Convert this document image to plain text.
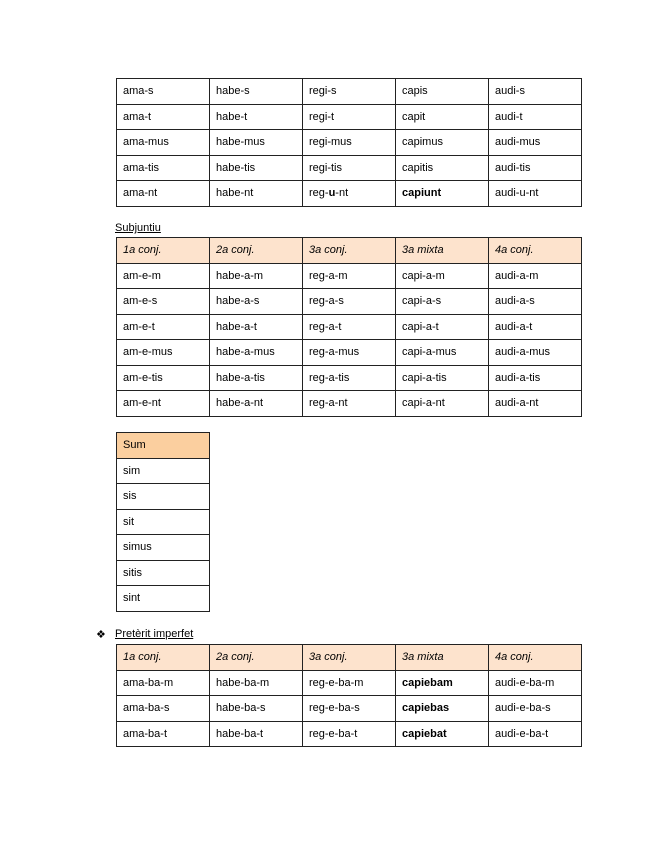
ama-s	habe-s	regi-s	capis	audi-s
ama-t	habe-t	regi-t	capit	audi-t
ama-mus	habe-mus	regi-mus	capimus	audi-mus
ama-tis	habe-tis	regi-tis	capitis	audi-tis
ama-nt	habe-nt	reg-u-nt	capiunt	audi-u-nt
Subjuntiu
1a conj.	2a conj.	3a conj.	3a mixta	4a conj.
am-e-m	habe-a-m	reg-a-m	capi-a-m	audi-a-m
am-e-s	habe-a-s	reg-a-s	capi-a-s	audi-a-s
am-e-t	habe-a-t	reg-a-t	capi-a-t	audi-a-t
am-e-mus	habe-a-mus	reg-a-mus	capi-a-mus	audi-a-mus
am-e-tis	habe-a-tis	reg-a-tis	capi-a-tis	audi-a-tis
am-e-nt	habe-a-nt	reg-a-nt	capi-a-nt	audi-a-nt
Sum
sim
sis
sit
simus
sitis
sint
❖ Pretèrit imperfet
1a conj.	2a conj.	3a conj.	3a mixta	4a conj.
ama-ba-m	habe-ba-m	reg-e-ba-m	capiebam	audi-e-ba-m
ama-ba-s	habe-ba-s	reg-e-ba-s	capiebas	audi-e-ba-s
ama-ba-t	habe-ba-t	reg-e-ba-t	capiebat	audi-e-ba-t
